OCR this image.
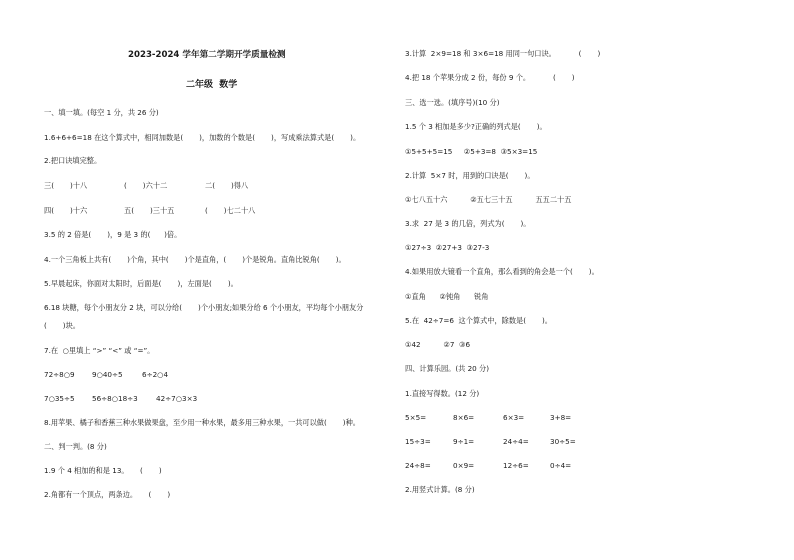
2023-2024 学年第二学期开学质量检测
二年级  数学
一、填一填。(每空 1 分，共 26 分)
1.6+6+6=18 在这个算式中，相同加数是(       )，加数的个数是(       )，写成乘法算式是(       )。
2.把口诀填完整。
三(       )十八	(       )六十二	二(       )得八
四(       )十六	五(       )三十五	(       )七二十八
3.5 的 2 倍是(       )，9 是 3 的(      )倍。
4.一个三角板上共有(       )个角，其中(       )个是直角，(       )个是锐角。直角比锐角(       )。
5.早晨起床，你面对太阳时，后面是(       )，左面是(       )。
6.18 块糖，每个小朋友分 2 块，可以分给(       )个小朋友;如果分给 6 个小朋友，平均每个小朋友分
(       )块。
7.在  ○里填上 “>” “<” 或 “=”。
72÷8○9 9○40÷5	6÷2○4
7○35÷5 56÷8○18÷3	42÷7○3×3
8.用苹果、橘子和香蕉三种水果做果盘，至少用一种水果，最多用三种水果，一共可以做(       )种。
二、判一判。(8 分)
1.9 个 4 相加的和是 13。     (       )
2.角都有一个顶点，两条边。     (       )
3.计算  2×9=18 和 3×6=18 用同一句口诀。          (       )
4.把 18 个苹果分成 2 份，每份 9 个。          (       )
三、选一选。(填序号)(10 分)
1.5 个 3 相加是多少?正确的列式是(       )。
①5+5+5=15     ②5+3=8  ③5×3=15
2.计算  5×7 时，用到的口诀是(       )。
①七八五十六          ②五七三十五          五五二十五
3.求  27 是 3 的几倍，列式为(       )。
①27÷3  ②27+3  ③27-3
4.如果用放大镜看一个直角，那么看到的角会是一个(       )。
①直角      ②钝角      锐角
5.在  42÷7=6  这个算式中，除数是(       )。
①42          ②7  ③6
四、计算乐园。(共 20 分)
1.直接写得数。(12 分)
5×5=	8×6=	6×3=	3+8=
15÷3=	9÷1=	24÷4=	30÷5=
24÷8=	0×9=	12÷6=	0÷4=
2.用竖式计算。(8 分)
